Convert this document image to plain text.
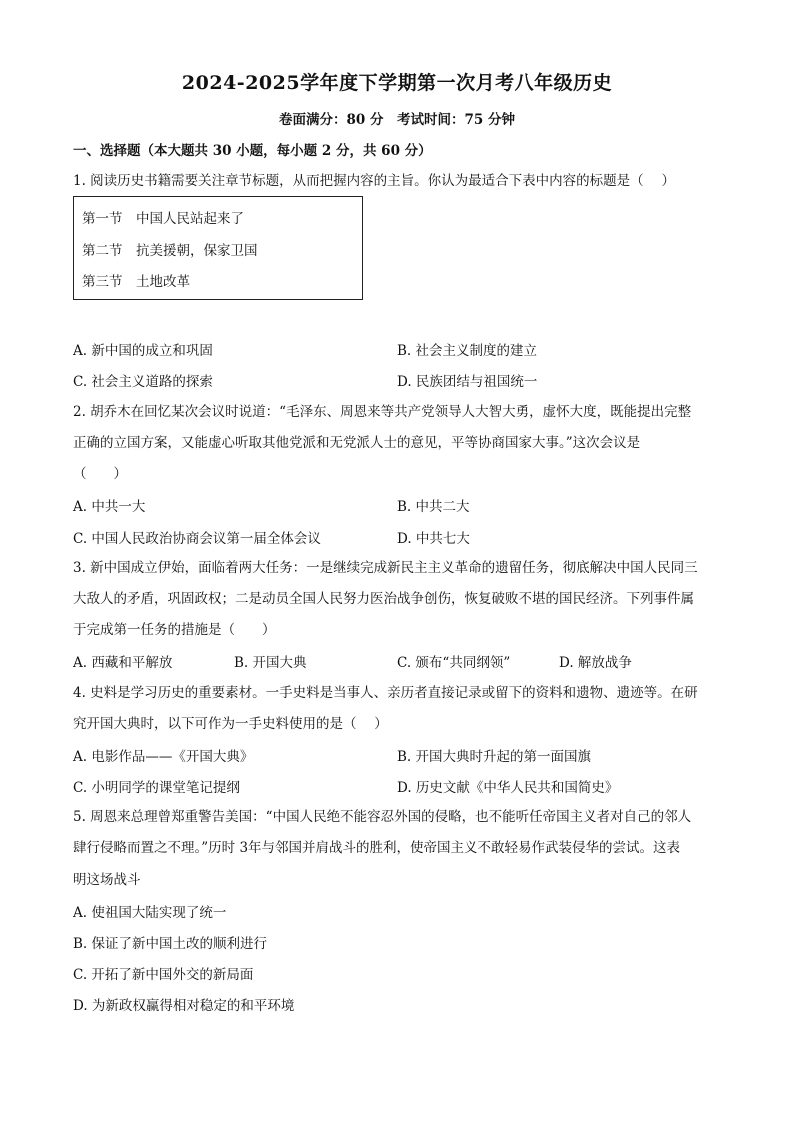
2024-2025学年度下学期第一次月考八年级历史
卷面满分：80 分　考试时间：75 分钟
一、选择题（本大题共 30 小题，每小题 2 分，共 60 分）
1. 阅读历史书籍需要关注章节标题，从而把握内容的主旨。你认为最适合下表中内容的标题是（　 ）
第一节　中国人民站起来了
第二节　抗美援朝，保家卫国
第三节　土地改革
A. 新中国的成立和巩固	B. 社会主义制度的建立
C. 社会主义道路的探索	D. 民族团结与祖国统一
2. 胡乔木在回忆某次会议时说道：“毛泽东、周恩来等共产党领导人大智大勇，虚怀大度，既能提出完整
正确的立国方案，又能虚心听取其他党派和无党派人士的意见，平等协商国家大事。”这次会议是
（　　）
A. 中共一大	B. 中共二大
C. 中国人民政治协商会议第一届全体会议	D. 中共七大
3. 新中国成立伊始，面临着两大任务：一是继续完成新民主主义革命的遗留任务，彻底解决中国人民同三
大敌人的矛盾，巩固政权；二是动员全国人民努力医治战争创伤，恢复破败不堪的国民经济。下列事件属
于完成第一任务的措施是（　　）
A. 西藏和平解放	B. 开国大典	C. 颁布“共同纲领”	D. 解放战争
4. 史料是学习历史的重要素材。一手史料是当事人、亲历者直接记录或留下的资料和遗物、遗迹等。在研
究开国大典时，以下可作为一手史料使用的是（　 ）
A. 电影作品——《开国大典》	B. 开国大典时升起的第一面国旗
C. 小明同学的课堂笔记提纲	D. 历史文献《中华人民共和国简史》
5. 周恩来总理曾郑重警告美国：“中国人民绝不能容忍外国的侵略，也不能听任帝国主义者对自己的邻人
肆行侵略而置之不理。”历时 3年与邻国并肩战斗的胜利，使帝国主义不敢轻易作武装侵华的尝试。这表
明这场战斗
A. 使祖国大陆实现了统一
B. 保证了新中国土改的顺利进行
C. 开拓了新中国外交的新局面
D. 为新政权赢得相对稳定的和平环境
